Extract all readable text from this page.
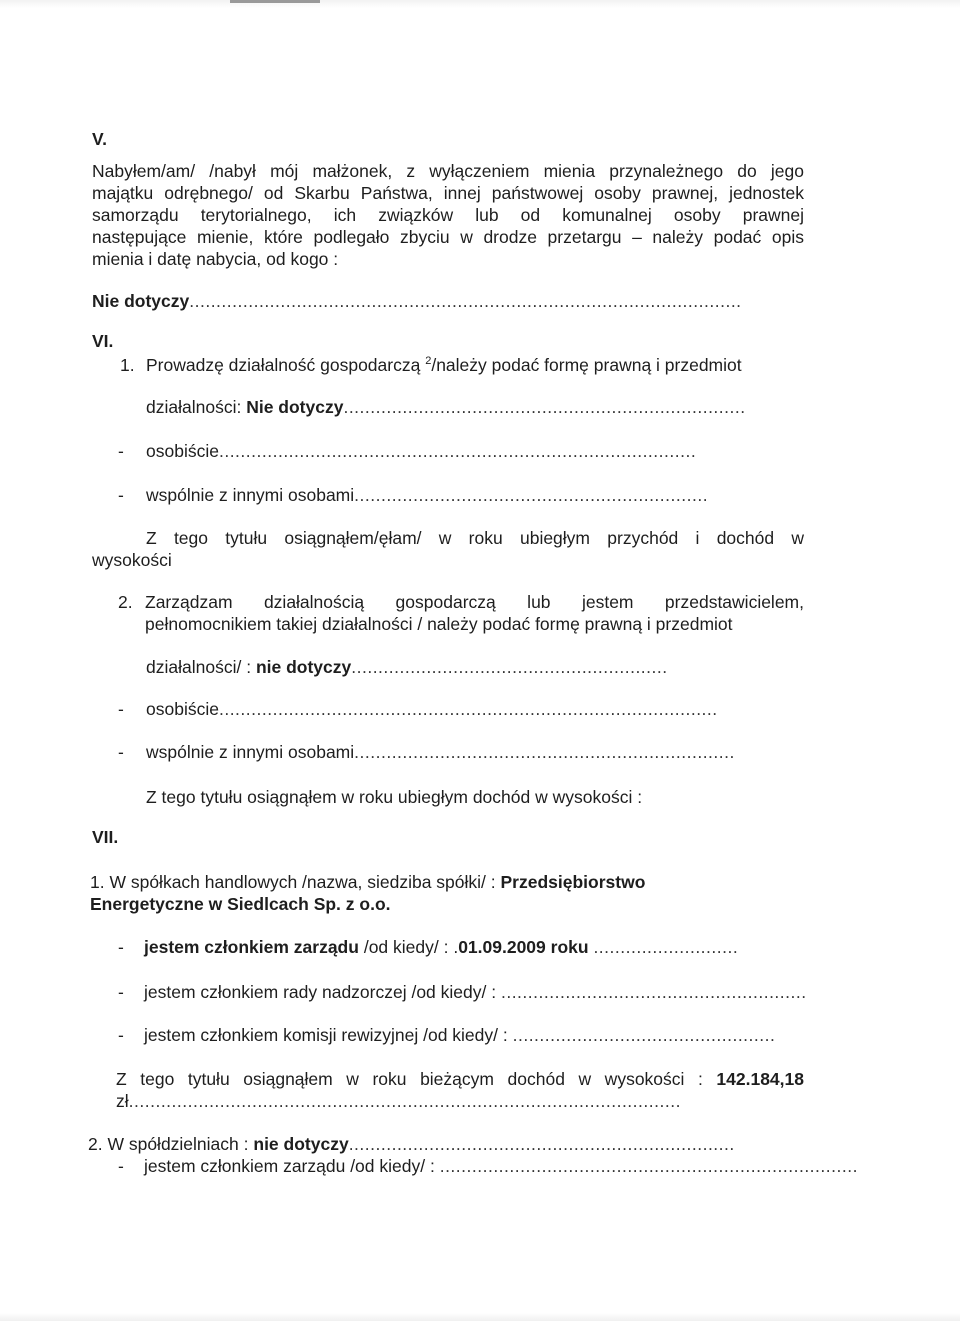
V.
Nabyłem/am/ /nabył mój małżonek, z wyłączeniem mienia przynależnego do jego
majątku odrębnego/ od Skarbu Państwa, innej państwowej osoby prawnej, jednostek
samorządu terytorialnego, ich związków lub od komunalnej osoby prawnej
następujące mienie, które podlegało zbyciu w drodze przetargu – należy podać opis
mienia i datę nabycia, od kogo :
Nie dotyczy.......................................................................................................
VI.
1. Prowadzę działalność gospodarczą $^2$/należy podać formę prawną i przedmiot
działalności: Nie dotyczy...........................................................................
- osobiście.........................................................................................
- wspólnie z innymi osobami..................................................................
Z tego tytułu osiągnąłem/ęłam/ w roku ubiegłym przychód i dochód w
wysokości
2. Zarządzam działalnością gospodarczą lub jestem przedstawicielem,
pełnomocnikiem takiej działalności / należy podać formę prawną i przedmiot
działalności/ : nie dotyczy...........................................................
- osobiście.............................................................................................
- wspólnie z innymi osobami.......................................................................
Z tego tytułu osiągnąłem w roku ubiegłym dochód w wysokości :
VII.
1. W spółkach handlowych /nazwa, siedziba spółki/ : Przedsiębiorstwo
Energetyczne w Siedlcach Sp. z o.o.
- jestem członkiem zarządu /od kiedy/ : .01.09.2009 roku ...........................
- jestem członkiem rady nadzorczej /od kiedy/ : .........................................................
- jestem członkiem komisji rewizyjnej /od kiedy/ : .................................................
Z tego tytułu osiągnąłem w roku bieżącym dochód w wysokości : 142.184,18
zł.......................................................................................................
2. W spółdzielniach : nie dotyczy........................................................................
- jestem członkiem zarządu /od kiedy/ : ..............................................................................
